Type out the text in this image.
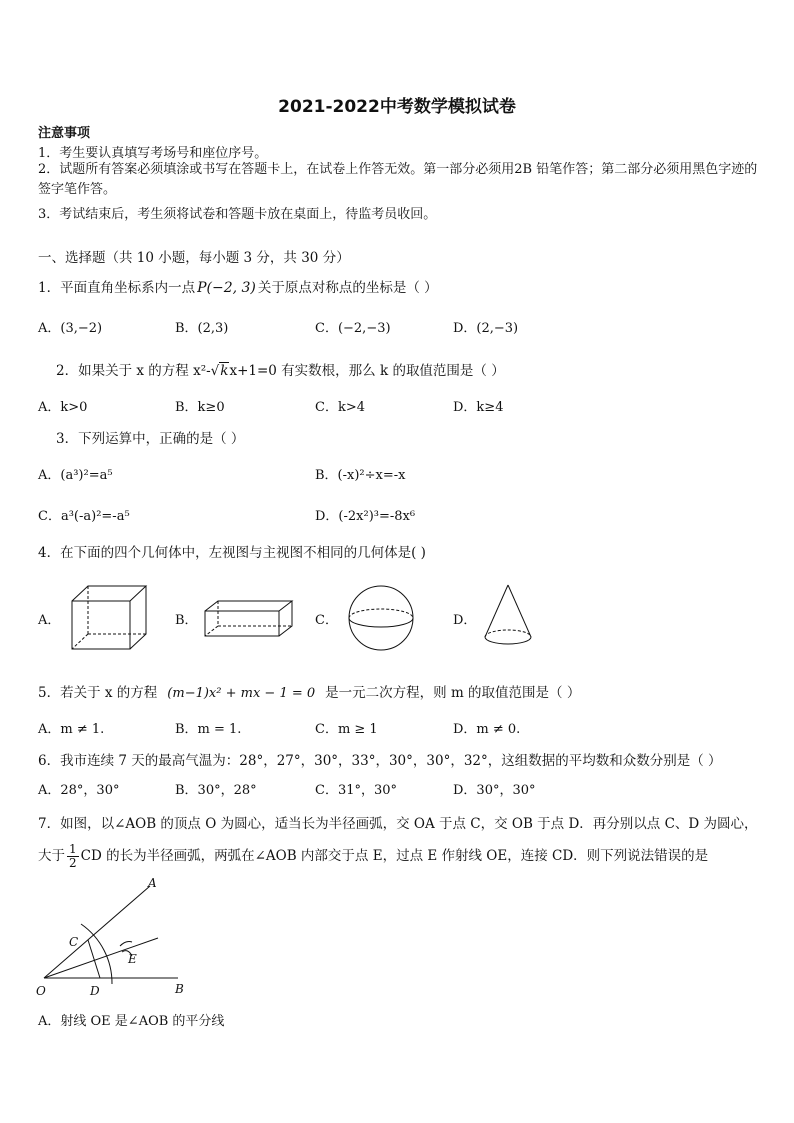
2021-2022中考数学模拟试卷
注意事项
1．考生要认真填写考场号和座位序号。
2．试题所有答案必须填涂或书写在答题卡上，在试卷上作答无效。第一部分必须用2B 铅笔作答；第二部分必须用黑色字迹的签字笔作答。
3．考试结束后，考生须将试卷和答题卡放在桌面上，待监考员收回。
一、选择题（共 10 小题，每小题 3 分，共 30 分）
1．平面直角坐标系内一点 P(−2, 3) 关于原点对称点的坐标是（ ）
A．(3,−2)	B．(2,3)	C．(−2,−3)	D．(2,−3)
2．如果关于 x 的方程 x²-√kx+1=0 有实数根，那么 k 的取值范围是（ ）
A．k>0	B．k≥0	C．k>4	D．k≥4
3．下列运算中，正确的是（ ）
A．(a³)²=a⁵	B．(-x)²÷x=-x
C．a³(-a)²=-a⁵	D．(-2x²)³=-8x⁶
4．在下面的四个几何体中，左视图与主视图不相同的几何体是( )
A．	B．	C．	D．
5．若关于 x 的方程 (m−1)x² + mx − 1 = 0 是一元二次方程，则 m 的取值范围是（ ）
A．m ≠ 1.	B．m = 1.	C．m ≥ 1	D．m ≠ 0.
6．我市连续 7 天的最高气温为：28°，27°，30°，33°，30°，30°，32°，这组数据的平均数和众数分别是（ ）
A．28°，30°	B．30°，28°	C．31°，30°	D．30°，30°
7．如图，以∠AOB 的顶点 O 为圆心，适当长为半径画弧，交 OA 于点 C，交 OB 于点 D．再分别以点 C、D 为圆心，
大于 $\frac{1}{2}$ CD 的长为半径画弧，两弧在∠AOB 内部交于点 E，过点 E 作射线 OE，连接 CD．则下列说法错误的是
A
C
E
O	D	B
A．射线 OE 是∠AOB 的平分线
